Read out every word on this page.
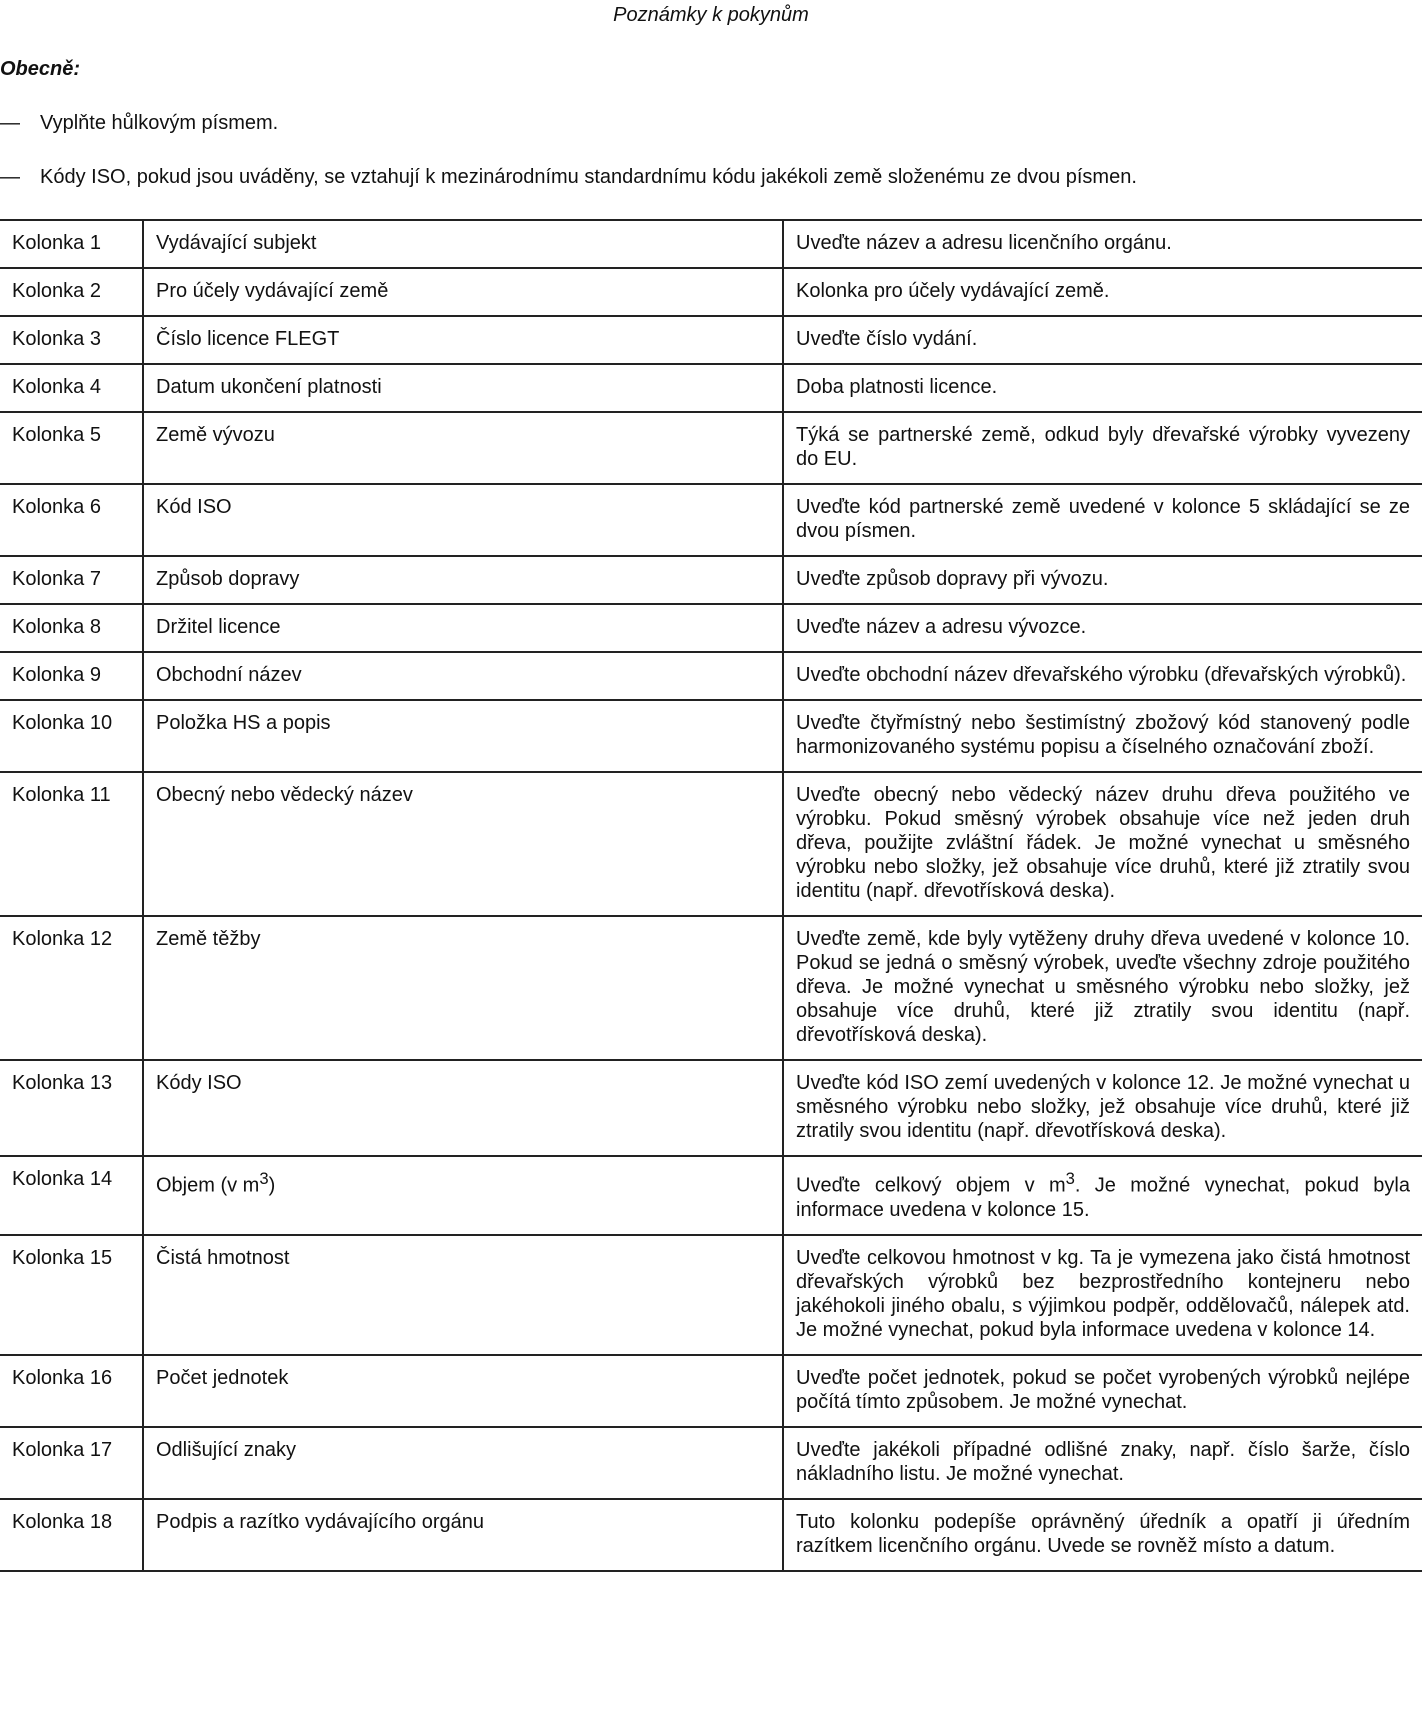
Poznámky k pokynům
Obecně:
— Vyplňte hůlkovým písmem.
— Kódy ISO, pokud jsou uváděny, se vztahují k mezinárodnímu standardnímu kódu jakékoli země složenému ze dvou písmen.
Kolonka 1	Vydávající subjekt	Uveďte název a adresu licenčního orgánu.
Kolonka 2	Pro účely vydávající země	Kolonka pro účely vydávající země.
Kolonka 3	Číslo licence FLEGT	Uveďte číslo vydání.
Kolonka 4	Datum ukončení platnosti	Doba platnosti licence.
Kolonka 5	Země vývozu	Týká se partnerské země, odkud byly dřevařské výrobky vyvezeny do EU.
Kolonka 6	Kód ISO	Uveďte kód partnerské země uvedené v kolonce 5 skládající se ze dvou písmen.
Kolonka 7	Způsob dopravy	Uveďte způsob dopravy při vývozu.
Kolonka 8	Držitel licence	Uveďte název a adresu vývozce.
Kolonka 9	Obchodní název	Uveďte obchodní název dřevařského výrobku (dřevařských výrobků).
Kolonka 10	Položka HS a popis	Uveďte čtyřmístný nebo šestimístný zbožový kód stanovený podle harmonizovaného systému popisu a číselného označování zboží.
Kolonka 11	Obecný nebo vědecký název	Uveďte obecný nebo vědecký název druhu dřeva použitého ve výrobku. Pokud směsný výrobek obsahuje více než jeden druh dřeva, použijte zvláštní řádek. Je možné vynechat u směsného výrobku nebo složky, jež obsahuje více druhů, které již ztratily svou identitu (např. dřevotřísková deska).
Kolonka 12	Země těžby	Uveďte země, kde byly vytěženy druhy dřeva uvedené v kolonce 10. Pokud se jedná o směsný výrobek, uveďte všechny zdroje použitého dřeva. Je možné vynechat u směsného výrobku nebo složky, jež obsahuje více druhů, které již ztratily svou identitu (např. dřevotřísková deska).
Kolonka 13	Kódy ISO	Uveďte kód ISO zemí uvedených v kolonce 12. Je možné vynechat u směsného výrobku nebo složky, jež obsahuje více druhů, které již ztratily svou identitu (např. dřevotřísková deska).
Kolonka 14	Objem (v $m^3$)	Uveďte celkový objem v $m^3$. Je možné vynechat, pokud byla informace uvedena v kolonce 15.
Kolonka 15	Čistá hmotnost	Uveďte celkovou hmotnost v kg. Ta je vymezena jako čistá hmotnost dřevařských výrobků bez bezprostředního kontejneru nebo jakéhokoli jiného obalu, s výjimkou podpěr, oddělovačů, nálepek atd. Je možné vynechat, pokud byla informace uvedena v kolonce 14.
Kolonka 16	Počet jednotek	Uveďte počet jednotek, pokud se počet vyrobených výrobků nejlépe počítá tímto způsobem. Je možné vynechat.
Kolonka 17	Odlišující znaky	Uveďte jakékoli případné odlišné znaky, např. číslo šarže, číslo nákladního listu. Je možné vynechat.
Kolonka 18	Podpis a razítko vydávajícího orgánu	Tuto kolonku podepíše oprávněný úředník a opatří ji úředním razítkem licenčního orgánu. Uvede se rovněž místo a datum.
